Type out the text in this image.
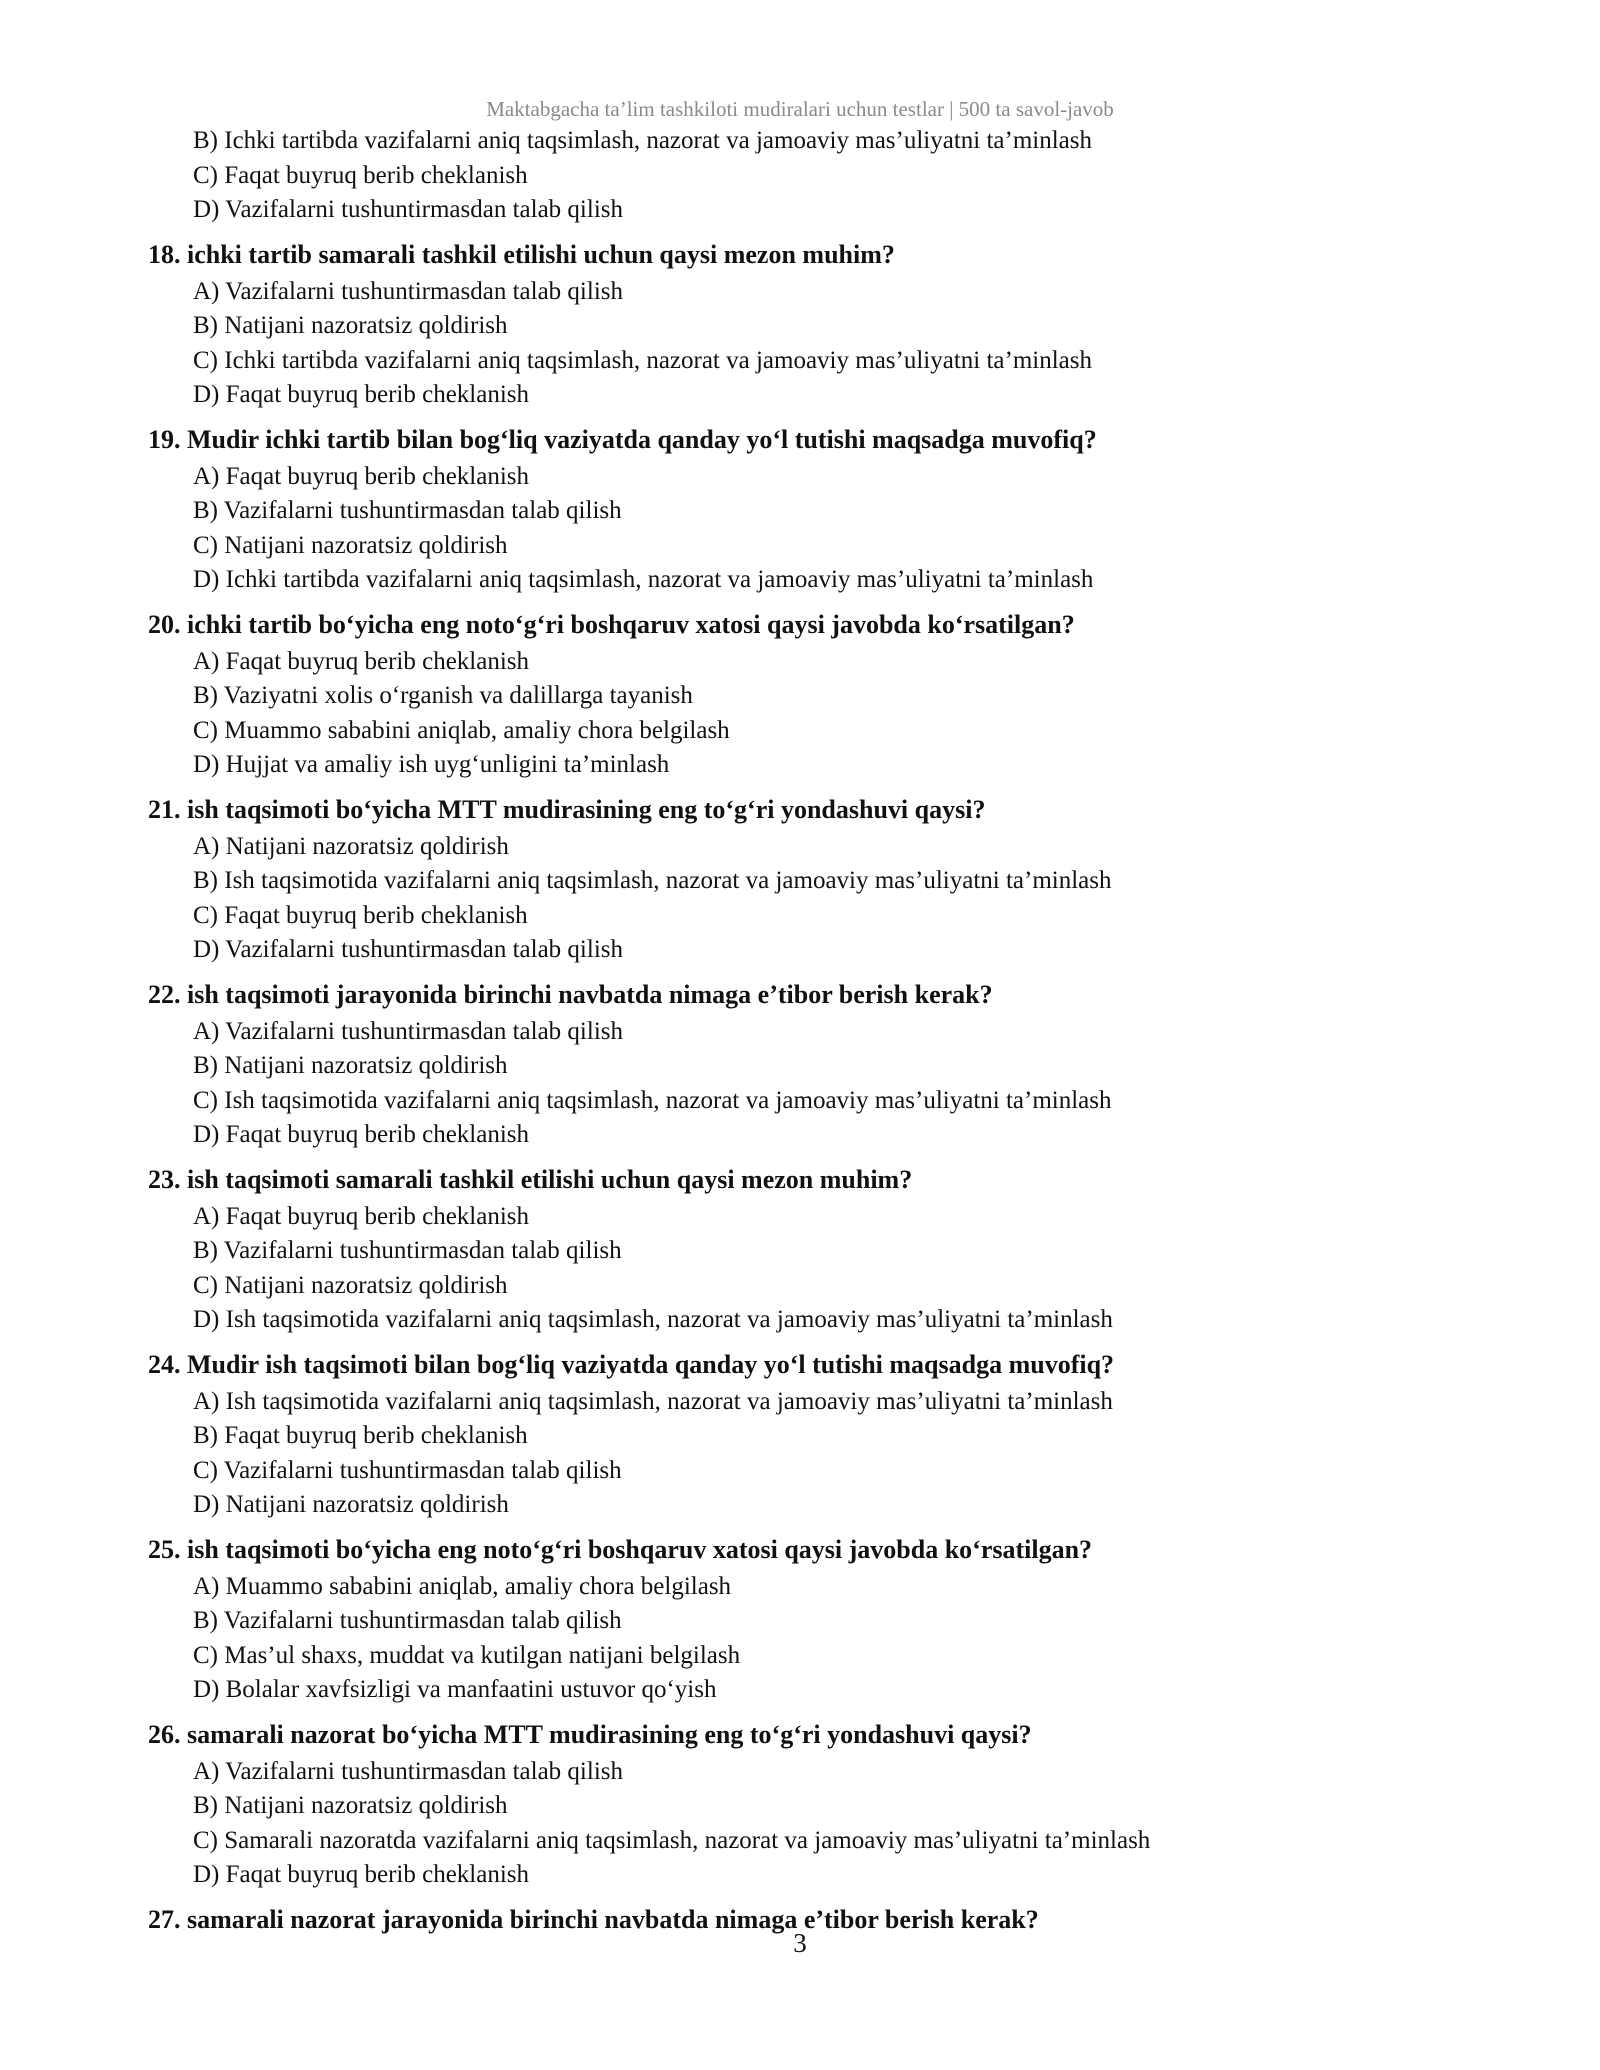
Maktabgacha ta’lim tashkiloti mudiralari uchun testlar | 500 ta savol-javob
B) Ichki tartibda vazifalarni aniq taqsimlash, nazorat va jamoaviy mas’uliyatni ta’minlash
C) Faqat buyruq berib cheklanish
D) Vazifalarni tushuntirmasdan talab qilish
18. ichki tartib samarali tashkil etilishi uchun qaysi mezon muhim?
A) Vazifalarni tushuntirmasdan talab qilish
B) Natijani nazoratsiz qoldirish
C) Ichki tartibda vazifalarni aniq taqsimlash, nazorat va jamoaviy mas’uliyatni ta’minlash
D) Faqat buyruq berib cheklanish
19. Mudir ichki tartib bilan bog‘liq vaziyatda qanday yo‘l tutishi maqsadga muvofiq?
A) Faqat buyruq berib cheklanish
B) Vazifalarni tushuntirmasdan talab qilish
C) Natijani nazoratsiz qoldirish
D) Ichki tartibda vazifalarni aniq taqsimlash, nazorat va jamoaviy mas’uliyatni ta’minlash
20. ichki tartib bo‘yicha eng noto‘g‘ri boshqaruv xatosi qaysi javobda ko‘rsatilgan?
A) Faqat buyruq berib cheklanish
B) Vaziyatni xolis o‘rganish va dalillarga tayanish
C) Muammo sababini aniqlab, amaliy chora belgilash
D) Hujjat va amaliy ish uyg‘unligini ta’minlash
21. ish taqsimoti bo‘yicha MTT mudirasining eng to‘g‘ri yondashuvi qaysi?
A) Natijani nazoratsiz qoldirish
B) Ish taqsimotida vazifalarni aniq taqsimlash, nazorat va jamoaviy mas’uliyatni ta’minlash
C) Faqat buyruq berib cheklanish
D) Vazifalarni tushuntirmasdan talab qilish
22. ish taqsimoti jarayonida birinchi navbatda nimaga e’tibor berish kerak?
A) Vazifalarni tushuntirmasdan talab qilish
B) Natijani nazoratsiz qoldirish
C) Ish taqsimotida vazifalarni aniq taqsimlash, nazorat va jamoaviy mas’uliyatni ta’minlash
D) Faqat buyruq berib cheklanish
23. ish taqsimoti samarali tashkil etilishi uchun qaysi mezon muhim?
A) Faqat buyruq berib cheklanish
B) Vazifalarni tushuntirmasdan talab qilish
C) Natijani nazoratsiz qoldirish
D) Ish taqsimotida vazifalarni aniq taqsimlash, nazorat va jamoaviy mas’uliyatni ta’minlash
24. Mudir ish taqsimoti bilan bog‘liq vaziyatda qanday yo‘l tutishi maqsadga muvofiq?
A) Ish taqsimotida vazifalarni aniq taqsimlash, nazorat va jamoaviy mas’uliyatni ta’minlash
B) Faqat buyruq berib cheklanish
C) Vazifalarni tushuntirmasdan talab qilish
D) Natijani nazoratsiz qoldirish
25. ish taqsimoti bo‘yicha eng noto‘g‘ri boshqaruv xatosi qaysi javobda ko‘rsatilgan?
A) Muammo sababini aniqlab, amaliy chora belgilash
B) Vazifalarni tushuntirmasdan talab qilish
C) Mas’ul shaxs, muddat va kutilgan natijani belgilash
D) Bolalar xavfsizligi va manfaatini ustuvor qo‘yish
26. samarali nazorat bo‘yicha MTT mudirasining eng to‘g‘ri yondashuvi qaysi?
A) Vazifalarni tushuntirmasdan talab qilish
B) Natijani nazoratsiz qoldirish
C) Samarali nazoratda vazifalarni aniq taqsimlash, nazorat va jamoaviy mas’uliyatni ta’minlash
D) Faqat buyruq berib cheklanish
27. samarali nazorat jarayonida birinchi navbatda nimaga e’tibor berish kerak?
3
